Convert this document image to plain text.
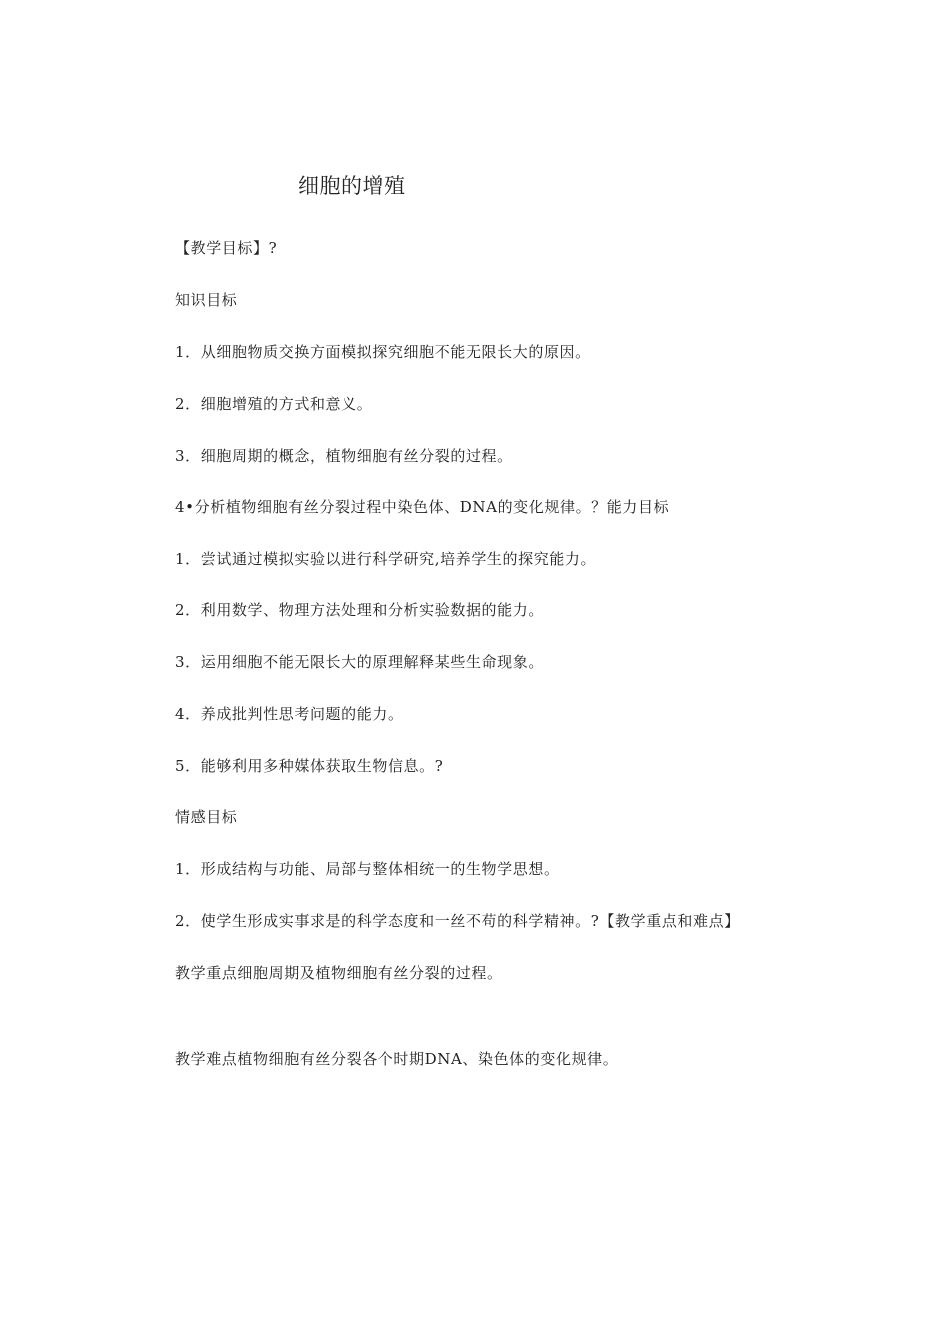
细胞的增殖
【教学目标】?
知识目标
1．从细胞物质交换方面模拟探究细胞不能无限长大的原因。
2．细胞增殖的方式和意义。
3．细胞周期的概念，植物细胞有丝分裂的过程。
4•分析植物细胞有丝分裂过程中染色体、DNA的变化规律。？能力目标
1．尝试通过模拟实验以进行科学研究,培养学生的探究能力。
2．利用数学、物理方法处理和分析实验数据的能力。
3．运用细胞不能无限长大的原理解释某些生命现象。
4．养成批判性思考问题的能力。
5．能够利用多种媒体获取生物信息。?
情感目标
1．形成结构与功能、局部与整体相统一的生物学思想。
2．使学生形成实事求是的科学态度和一丝不苟的科学精神。?【教学重点和难点】
教学重点细胞周期及植物细胞有丝分裂的过程。
教学难点植物细胞有丝分裂各个时期DNA、染色体的变化规律。
